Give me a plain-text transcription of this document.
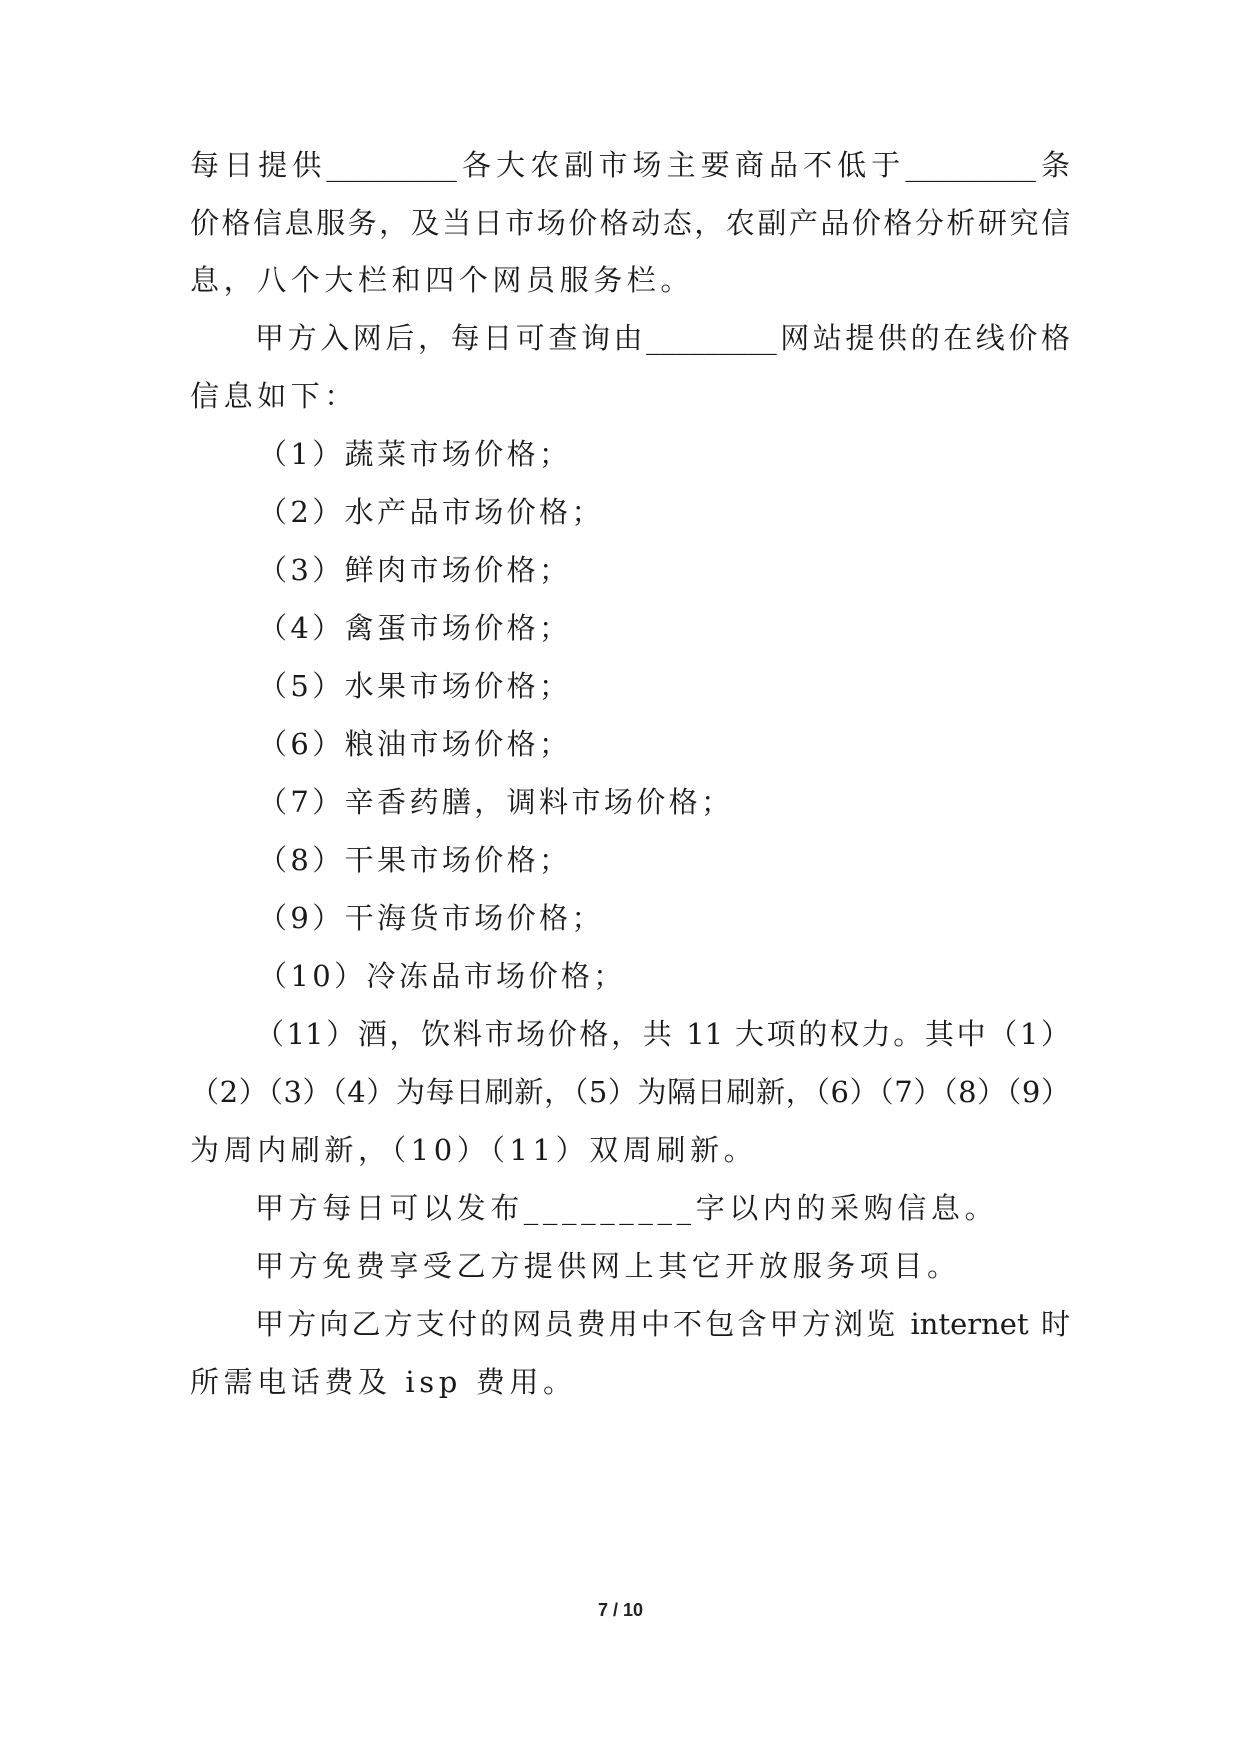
每日提供_________各大农副市场主要商品不低于_________条
价格信息服务，及当日市场价格动态，农副产品价格分析研究信
息，八个大栏和四个网员服务栏。
甲方入网后，每日可查询由_________网站提供的在线价格
信息如下：
（1）蔬菜市场价格；
（2）水产品市场价格；
（3）鲜肉市场价格；
（4）禽蛋市场价格；
（5）水果市场价格；
（6）粮油市场价格；
（7）辛香药膳，调料市场价格；
（8）干果市场价格；
（9）干海货市场价格；
（10）冷冻品市场价格；
（11）酒，饮料市场价格，共 11 大项的权力。其中（1）
（2）（3）（4）为每日刷新，（5）为隔日刷新，（6）（7）（8）（9）
为周内刷新，（10）（11）双周刷新。
甲方每日可以发布_________字以内的采购信息。
甲方免费享受乙方提供网上其它开放服务项目。
甲方向乙方支付的网员费用中不包含甲方浏览 internet 时
所需电话费及 isp 费用。
7 / 10
